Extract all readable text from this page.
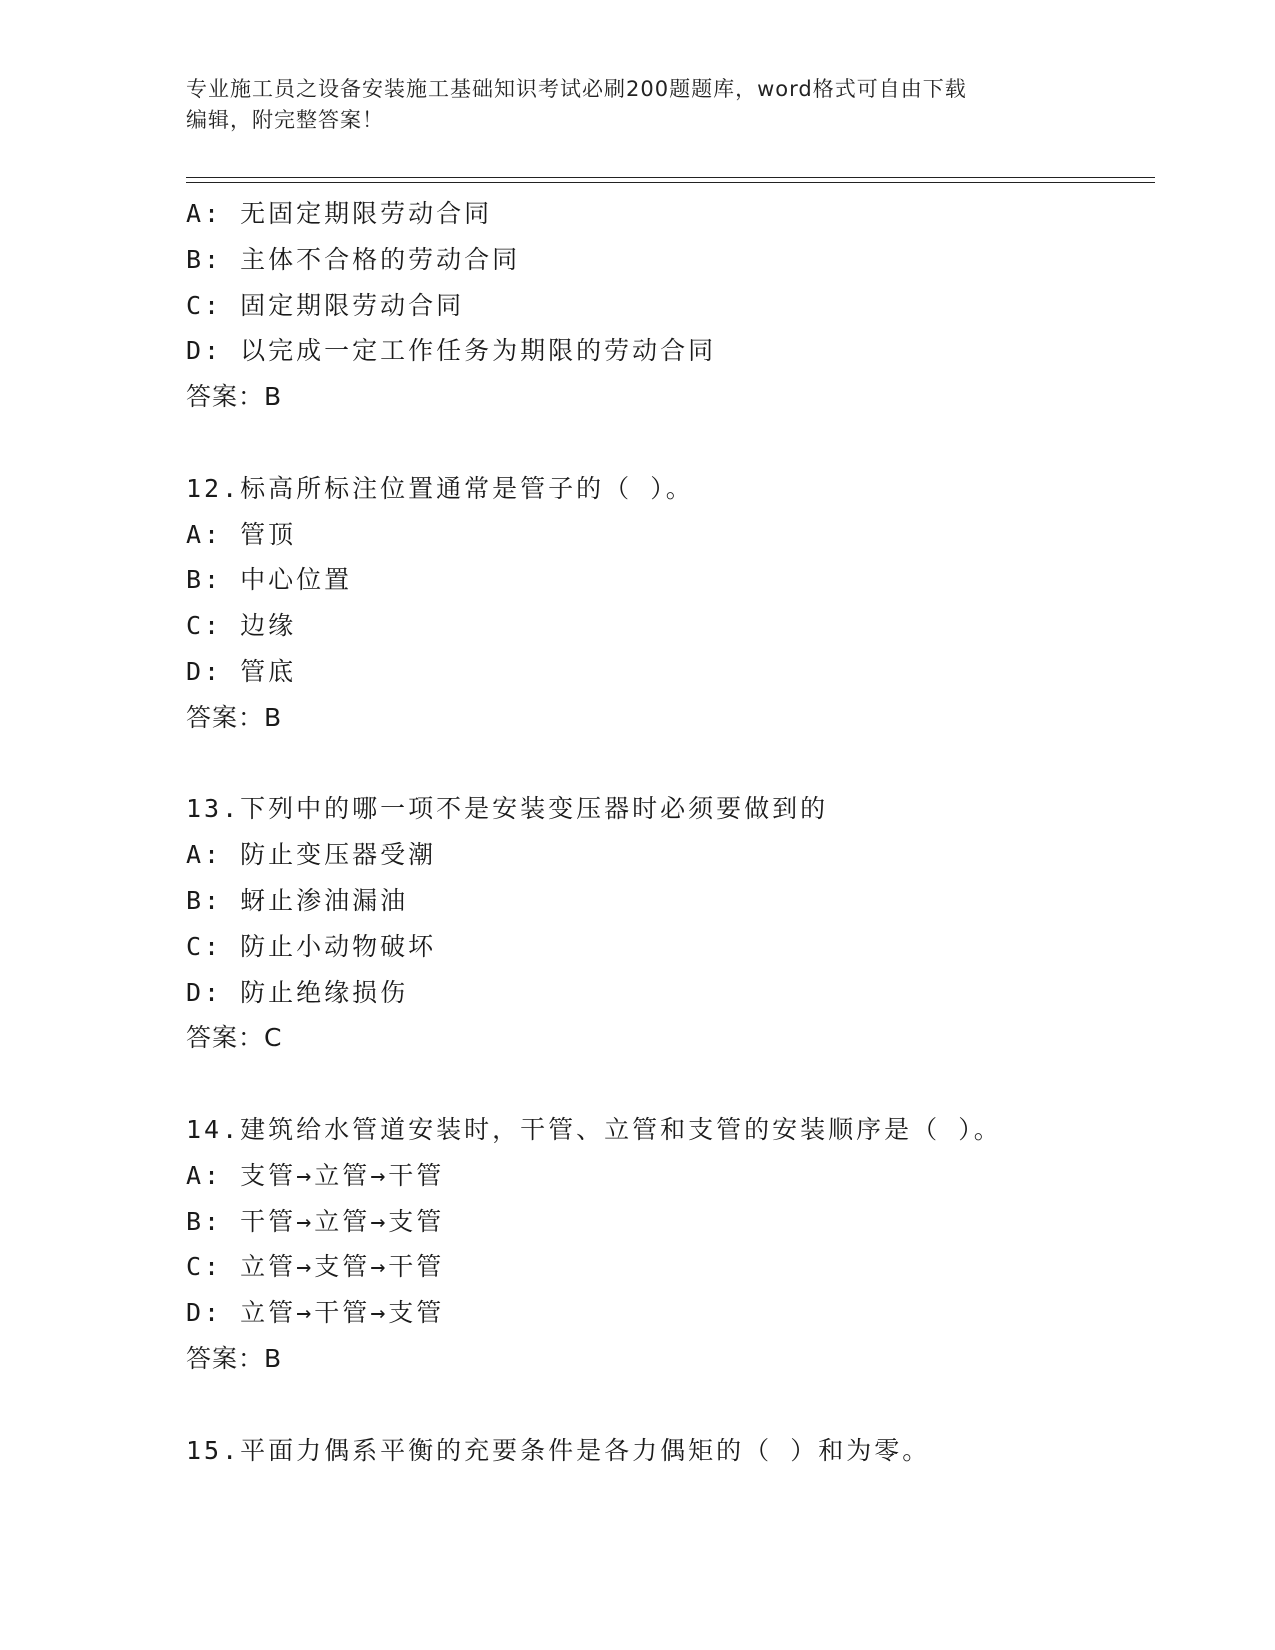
专业施工员之设备安装施工基础知识考试必刷200题题库，word格式可自由下载
编辑，附完整答案！
A: 无固定期限劳动合同
B: 主体不合格的劳动合同
C: 固定期限劳动合同
D: 以完成一定工作任务为期限的劳动合同
答案：B
12.标高所标注位置通常是管子的（ ）。
A: 管顶
B: 中心位置
C: 边缘
D: 管底
答案：B
13.下列中的哪一项不是安装变压器时必须要做到的
A: 防止变压器受潮
B: 蚜止渗油漏油
C: 防止小动物破坏
D: 防止绝缘损伤
答案：C
14.建筑给水管道安装时，干管、立管和支管的安装顺序是（ ）。
A: 支管→立管→干管
B: 干管→立管→支管
C: 立管→支管→干管
D: 立管→干管→支管
答案：B
15.平面力偶系平衡的充要条件是各力偶矩的（ ）和为零。
